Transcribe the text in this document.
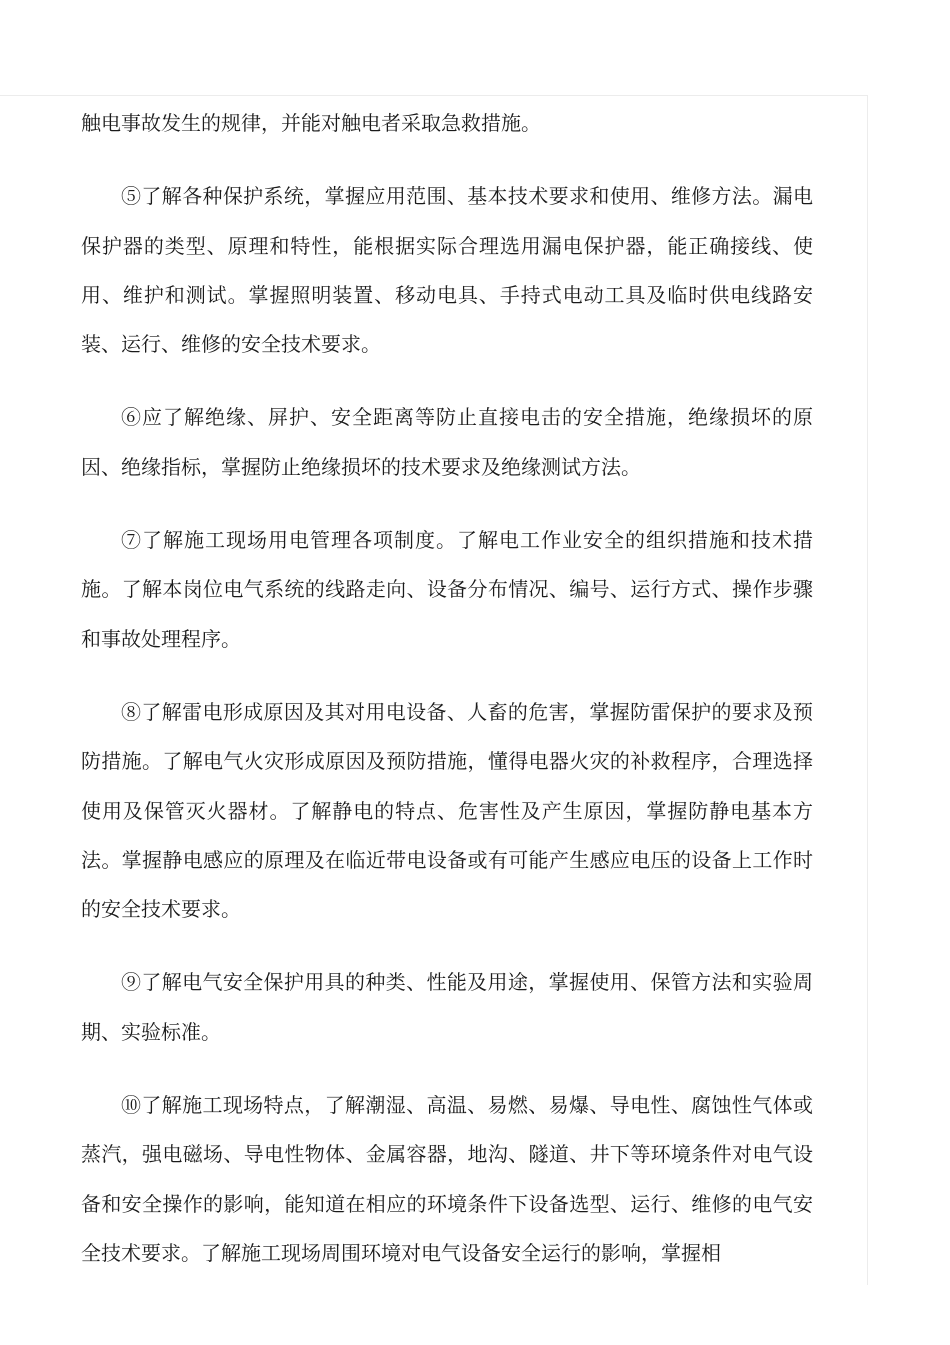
触电事故发生的规律，并能对触电者采取急救措施。

⑤了解各种保护系统，掌握应用范围、基本技术要求和使用、维修方法。漏电保护器的类型、原理和特性，能根据实际合理选用漏电保护器，能正确接线、使用、维护和测试。掌握照明装置、移动电具、手持式电动工具及临时供电线路安装、运行、维修的安全技术要求。

⑥应了解绝缘、屏护、安全距离等防止直接电击的安全措施，绝缘损坏的原因、绝缘指标，掌握防止绝缘损坏的技术要求及绝缘测试方法。

⑦了解施工现场用电管理各项制度。了解电工作业安全的组织措施和技术措施。了解本岗位电气系统的线路走向、设备分布情况、编号、运行方式、操作步骤和事故处理程序。

⑧了解雷电形成原因及其对用电设备、人畜的危害，掌握防雷保护的要求及预防措施。了解电气火灾形成原因及预防措施，懂得电器火灾的补救程序，合理选择使用及保管灭火器材。了解静电的特点、危害性及产生原因，掌握防静电基本方法。掌握静电感应的原理及在临近带电设备或有可能产生感应电压的设备上工作时的安全技术要求。

⑨了解电气安全保护用具的种类、性能及用途，掌握使用、保管方法和实验周期、实验标准。

⑩了解施工现场特点，了解潮湿、高温、易燃、易爆、导电性、腐蚀性气体或蒸汽，强电磁场、导电性物体、金属容器，地沟、隧道、井下等环境条件对电气设备和安全操作的影响，能知道在相应的环境条件下设备选型、运行、维修的电气安全技术要求。了解施工现场周围环境对电气设备安全运行的影响，掌握相
